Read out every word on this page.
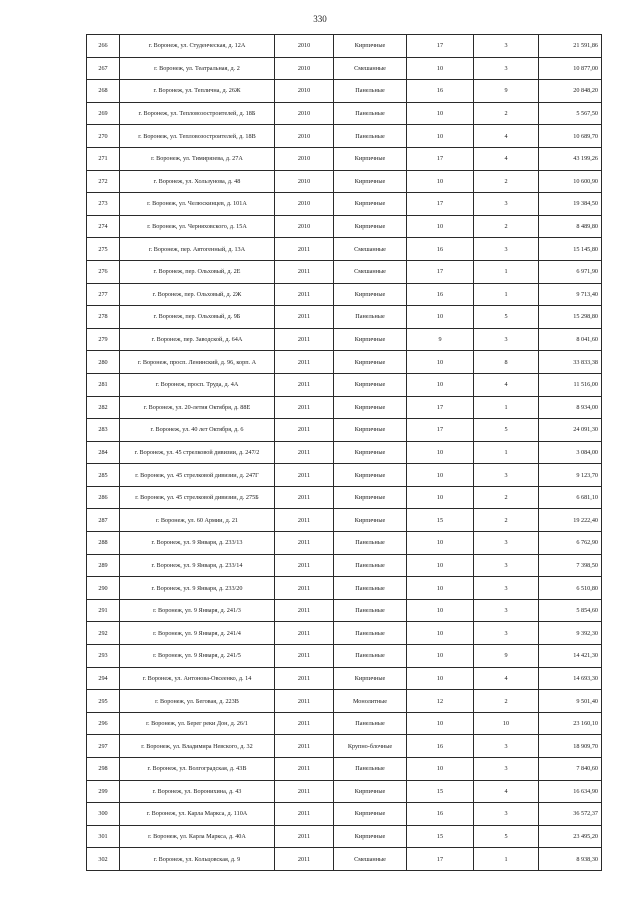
330
266	г. Воронеж, ул. Студенческая, д. 12А	2010	Кирпичные	17	3	21 591,86
267	г. Воронеж, ул. Театральная, д. 2	2010	Смешанные	10	3	10 877,00
268	г. Воронеж, ул. Теплична, д. 26Ж	2010	Панельные	16	9	20 848,20
269	г. Воронеж, ул. Тепловозостроителей, д. 18Б	2010	Панельные	10	2	5 567,50
270	г. Воронеж, ул. Тепловозостроителей, д. 18В	2010	Панельные	10	4	10 689,70
271	г. Воронеж, ул. Тимирязева, д. 27А	2010	Кирпичные	17	4	43 199,26
272	г. Воронеж, ул. Хользунова, д. 48	2010	Кирпичные	10	2	10 600,90
273	г. Воронеж, ул. Челюскинцев, д. 101А	2010	Кирпичные	17	3	19 384,50
274	г. Воронеж, ул. Черняховского, д. 15А	2010	Кирпичные	10	2	8 489,80
275	г. Воронеж, пер. Автогенный, д. 13А	2011	Смешанные	16	3	15 145,80
276	г. Воронеж, пер. Ольховый, д. 2Е	2011	Смешанные	17	1	6 971,90
277	г. Воронеж, пер. Ольховый, д. 2Ж	2011	Кирпичные	16	1	9 713,40
278	г. Воронеж, пер. Ольховый, д. 9Б	2011	Панельные	10	5	15 298,80
279	г. Воронеж, пер. Заводской, д. 64А	2011	Кирпичные	9	3	8 041,60
280	г. Воронеж, просп. Ленинский, д. 96, корп. А	2011	Кирпичные	10	8	33 833,38
281	г. Воронеж, просп. Труда, д. 4А	2011	Кирпичные	10	4	11 516,00
282	г. Воронеж, ул. 20-летия Октября, д. 88Е	2011	Кирпичные	17	1	8 934,00
283	г. Воронеж, ул. 40 лет Октября, д. 6	2011	Кирпичные	17	5	24 091,30
284	г. Воронеж, ул. 45 стрелковой дивизии, д. 247/2	2011	Кирпичные	10	1	3 084,00
285	г. Воронеж, ул. 45 стрелковой дивизии, д. 247Г	2011	Кирпичные	10	3	9 123,70
286	г. Воронеж, ул. 45 стрелковой дивизии, д. 275Б	2011	Кирпичные	10	2	6 681,10
287	г. Воронеж, ул. 60 Армии, д. 21	2011	Кирпичные	15	2	19 222,40
288	г. Воронеж, ул. 9 Января, д. 233/13	2011	Панельные	10	3	6 762,90
289	г. Воронеж, ул. 9 Января, д. 233/14	2011	Панельные	10	3	7 398,50
290	г. Воронеж, ул. 9 Января, д. 233/20	2011	Панельные	10	3	6 510,80
291	г. Воронеж, ул. 9 Января, д. 241/3	2011	Панельные	10	3	5 854,60
292	г. Воронеж, ул. 9 Января, д. 241/4	2011	Панельные	10	3	9 392,30
293	г. Воронеж, ул. 9 Января, д. 241/5	2011	Панельные	10	9	14 421,30
294	г. Воронеж, ул. Антонова-Овсеенко, д. 14	2011	Кирпичные	10	4	14 693,30
295	г. Воронеж, ул. Беговая, д. 223В	2011	Монолитные	12	2	9 501,40
296	г. Воронеж, ул. Берег реки Дон, д. 26/1	2011	Панельные	10	10	23 160,10
297	г. Воронеж, ул. Владимира Невского, д. 32	2011	Крупно-блочные	16	3	18 909,70
298	г. Воронеж, ул. Волгоградская, д. 43В	2011	Панельные	10	3	7 840,60
299	г. Воронеж, ул. Воронихина, д. 43	2011	Кирпичные	15	4	16 634,90
300	г. Воронеж, ул. Карла Маркса, д. 110А	2011	Кирпичные	16	3	36 572,37
301	г. Воронеж, ул. Карла Маркса, д. 40А	2011	Кирпичные	15	5	23 495,20
302	г. Воронеж, ул. Кольцовская, д. 9	2011	Смешанные	17	1	8 938,30
